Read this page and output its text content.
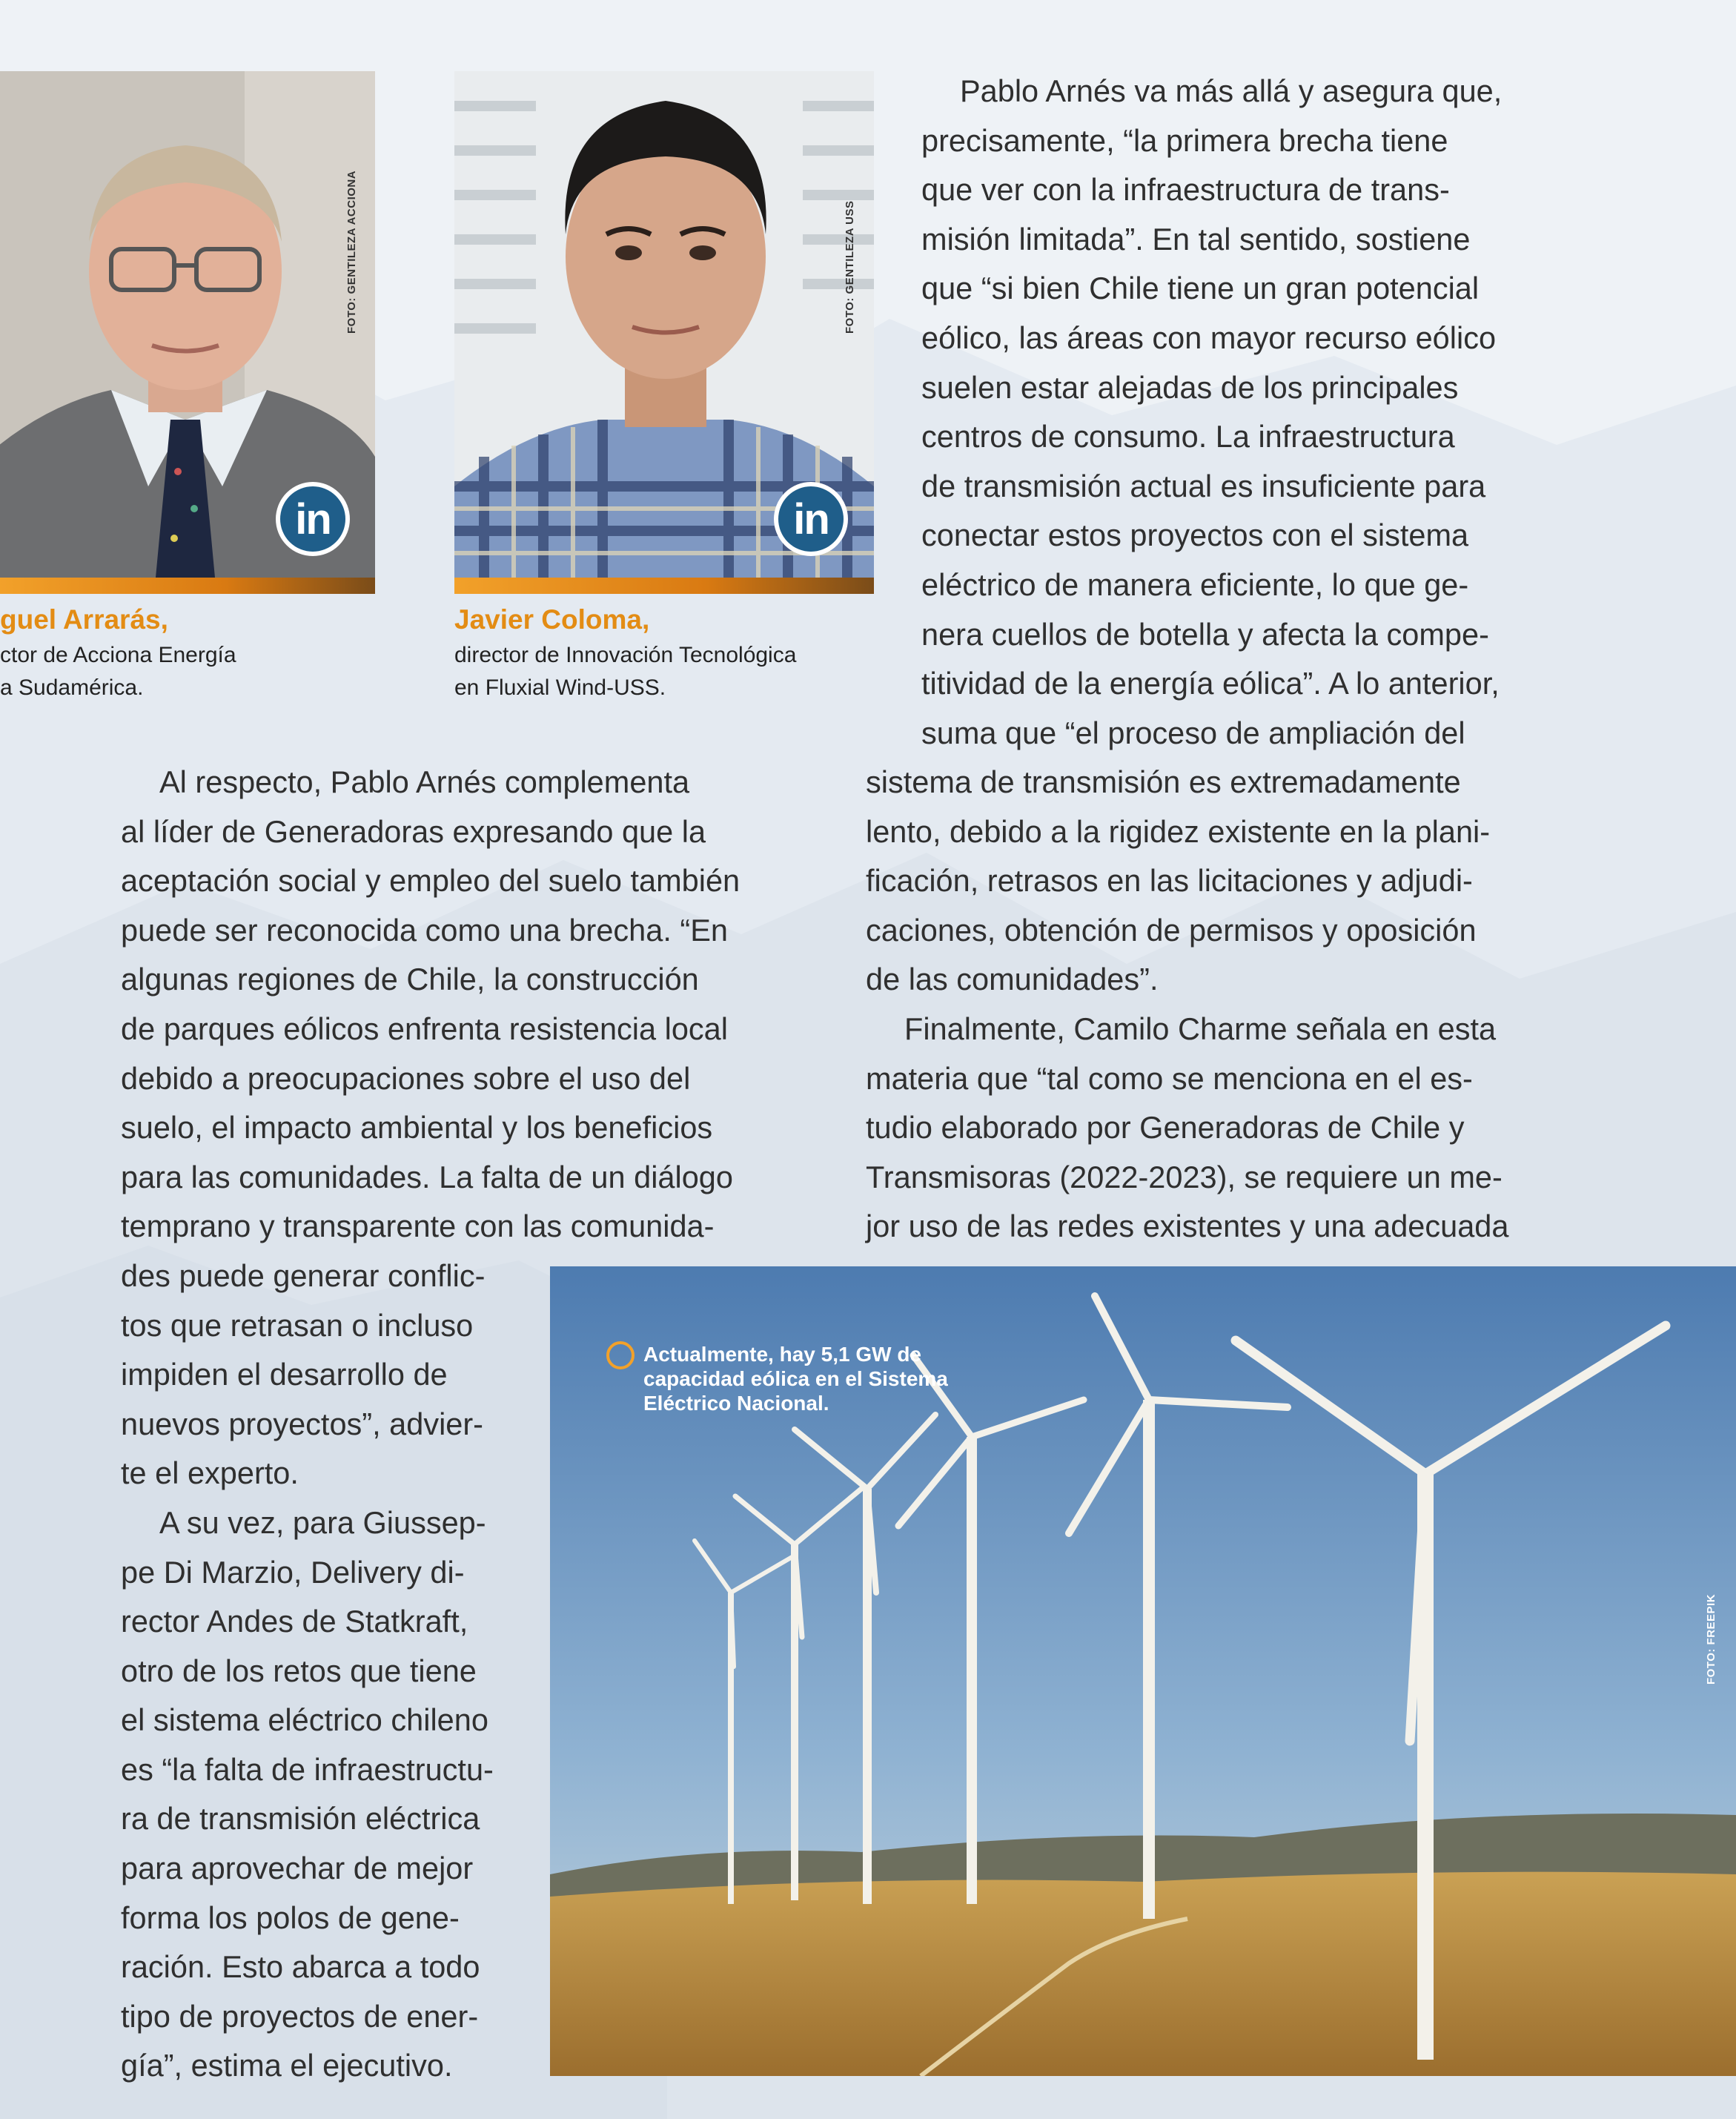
FOTO: GENTILEZA ACCIONA
in
guel Arrarás,
ctor de Acciona Energía
a Sudamérica.
FOTO: GENTILEZA USS
in
Javier Coloma,
director de Innovación Tecnológica
en Fluxial Wind-USS.
Pablo Arnés va más allá y asegura que,
precisamente, “la primera brecha tiene
que ver con la infraestructura de trans-
misión limitada”. En tal sentido, sostiene
que “si bien Chile tiene un gran potencial
eólico, las áreas con mayor recurso eólico
suelen estar alejadas de los principales
centros de consumo. La infraestructura
de transmisión actual es insuficiente para
conectar estos proyectos con el sistema
eléctrico de manera eficiente, lo que ge-
nera cuellos de botella y afecta la compe-
titividad de la energía eólica”. A lo anterior,
suma que “el proceso de ampliación del
sistema de transmisión es extremadamente
lento, debido a la rigidez existente en la plani-
ficación, retrasos en las licitaciones y adjudi-
caciones, obtención de permisos y oposición
de las comunidades”.
Finalmente, Camilo Charme señala en esta
materia que “tal como se menciona en el es-
tudio elaborado por Generadoras de Chile y
Transmisoras (2022-2023), se requiere un me-
jor uso de las redes existentes y una adecuada
Al respecto, Pablo Arnés complementa
al líder de Generadoras expresando que la
aceptación social y empleo del suelo también
puede ser reconocida como una brecha. “En
algunas regiones de Chile, la construcción
de parques eólicos enfrenta resistencia local
debido a preocupaciones sobre el uso del
suelo, el impacto ambiental y los beneficios
para las comunidades. La falta de un diálogo
temprano y transparente con las comunida-
des puede generar conflic-
tos que retrasan o incluso
impiden el desarrollo de
nuevos proyectos”, advier-
te el experto.
A su vez, para Giussep-
pe Di Marzio, Delivery di-
rector Andes de Statkraft,
otro de los retos que tiene
el sistema eléctrico chileno
es “la falta de infraestructu-
ra de transmisión eléctrica
para aprovechar de mejor
forma los polos de gene-
ración. Esto abarca a todo
tipo de proyectos de ener-
gía”, estima el ejecutivo.
Actualmente, hay 5,1 GW de
capacidad eólica en el Sistema
Eléctrico Nacional.
FOTO: FREEPIK
